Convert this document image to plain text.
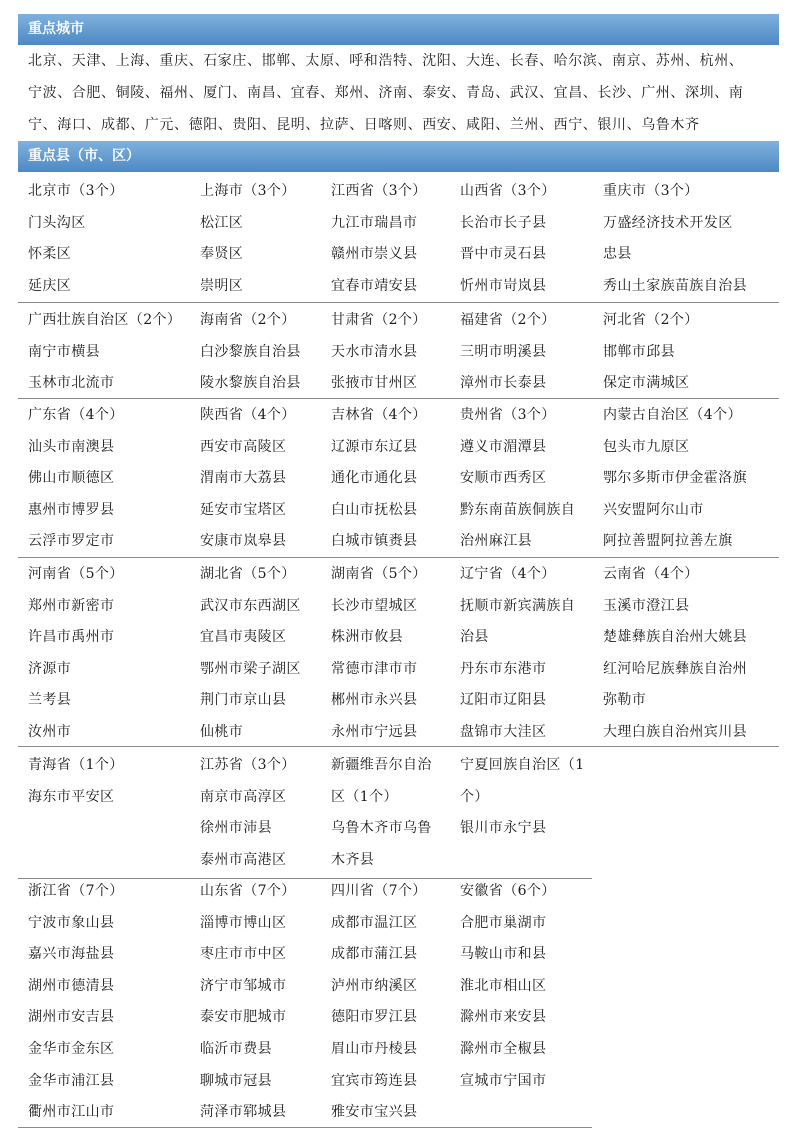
重点城市
北京、天津、上海、重庆、石家庄、邯郸、太原、呼和浩特、沈阳、大连、长春、哈尔滨、南京、苏州、杭州、
宁波、合肥、铜陵、福州、厦门、南昌、宜春、郑州、济南、泰安、青岛、武汉、宜昌、长沙、广州、深圳、南
宁、海口、成都、广元、德阳、贵阳、昆明、拉萨、日喀则、西安、咸阳、兰州、西宁、银川、乌鲁木齐
重点县（市、区）
北京市（3个）
门头沟区
怀柔区
延庆区
上海市（3个）
松江区
奉贤区
崇明区
江西省（3个）
九江市瑞昌市
赣州市崇义县
宜春市靖安县
山西省（3个）
长治市长子县
晋中市灵石县
忻州市岢岚县
重庆市（3个）
万盛经济技术开发区
忠县
秀山土家族苗族自治县
广西壮族自治区（2个）
南宁市横县
玉林市北流市
海南省（2个）
白沙黎族自治县
陵水黎族自治县
甘肃省（2个）
天水市清水县
张掖市甘州区
福建省（2个）
三明市明溪县
漳州市长泰县
河北省（2个）
邯郸市邱县
保定市满城区
广东省（4个）
汕头市南澳县
佛山市顺德区
惠州市博罗县
云浮市罗定市
陕西省（4个）
西安市高陵区
渭南市大荔县
延安市宝塔区
安康市岚皋县
吉林省（4个）
辽源市东辽县
通化市通化县
白山市抚松县
白城市镇赉县
贵州省（3个）
遵义市湄潭县
安顺市西秀区
黔东南苗族侗族自
治州麻江县
内蒙古自治区（4个）
包头市九原区
鄂尔多斯市伊金霍洛旗
兴安盟阿尔山市
阿拉善盟阿拉善左旗
河南省（5个）
郑州市新密市
许昌市禹州市
济源市
兰考县
汝州市
湖北省（5个）
武汉市东西湖区
宜昌市夷陵区
鄂州市梁子湖区
荆门市京山县
仙桃市
湖南省（5个）
长沙市望城区
株洲市攸县
常德市津市市
郴州市永兴县
永州市宁远县
辽宁省（4个）
抚顺市新宾满族自
治县
丹东市东港市
辽阳市辽阳县
盘锦市大洼区
云南省（4个）
玉溪市澄江县
楚雄彝族自治州大姚县
红河哈尼族彝族自治州
弥勒市
大理白族自治州宾川县
青海省（1个）
海东市平安区
江苏省（3个）
南京市高淳区
徐州市沛县
泰州市高港区
新疆维吾尔自治
区（1个）
乌鲁木齐市乌鲁
木齐县
宁夏回族自治区（1
个）
银川市永宁县
浙江省（7个）
宁波市象山县
嘉兴市海盐县
湖州市德清县
湖州市安吉县
金华市金东区
金华市浦江县
衢州市江山市
山东省（7个）
淄博市博山区
枣庄市市中区
济宁市邹城市
泰安市肥城市
临沂市费县
聊城市冠县
菏泽市郓城县
四川省（7个）
成都市温江区
成都市蒲江县
泸州市纳溪区
德阳市罗江县
眉山市丹棱县
宜宾市筠连县
雅安市宝兴县
安徽省（6个）
合肥市巢湖市
马鞍山市和县
淮北市相山区
滁州市来安县
滁州市全椒县
宣城市宁国市
